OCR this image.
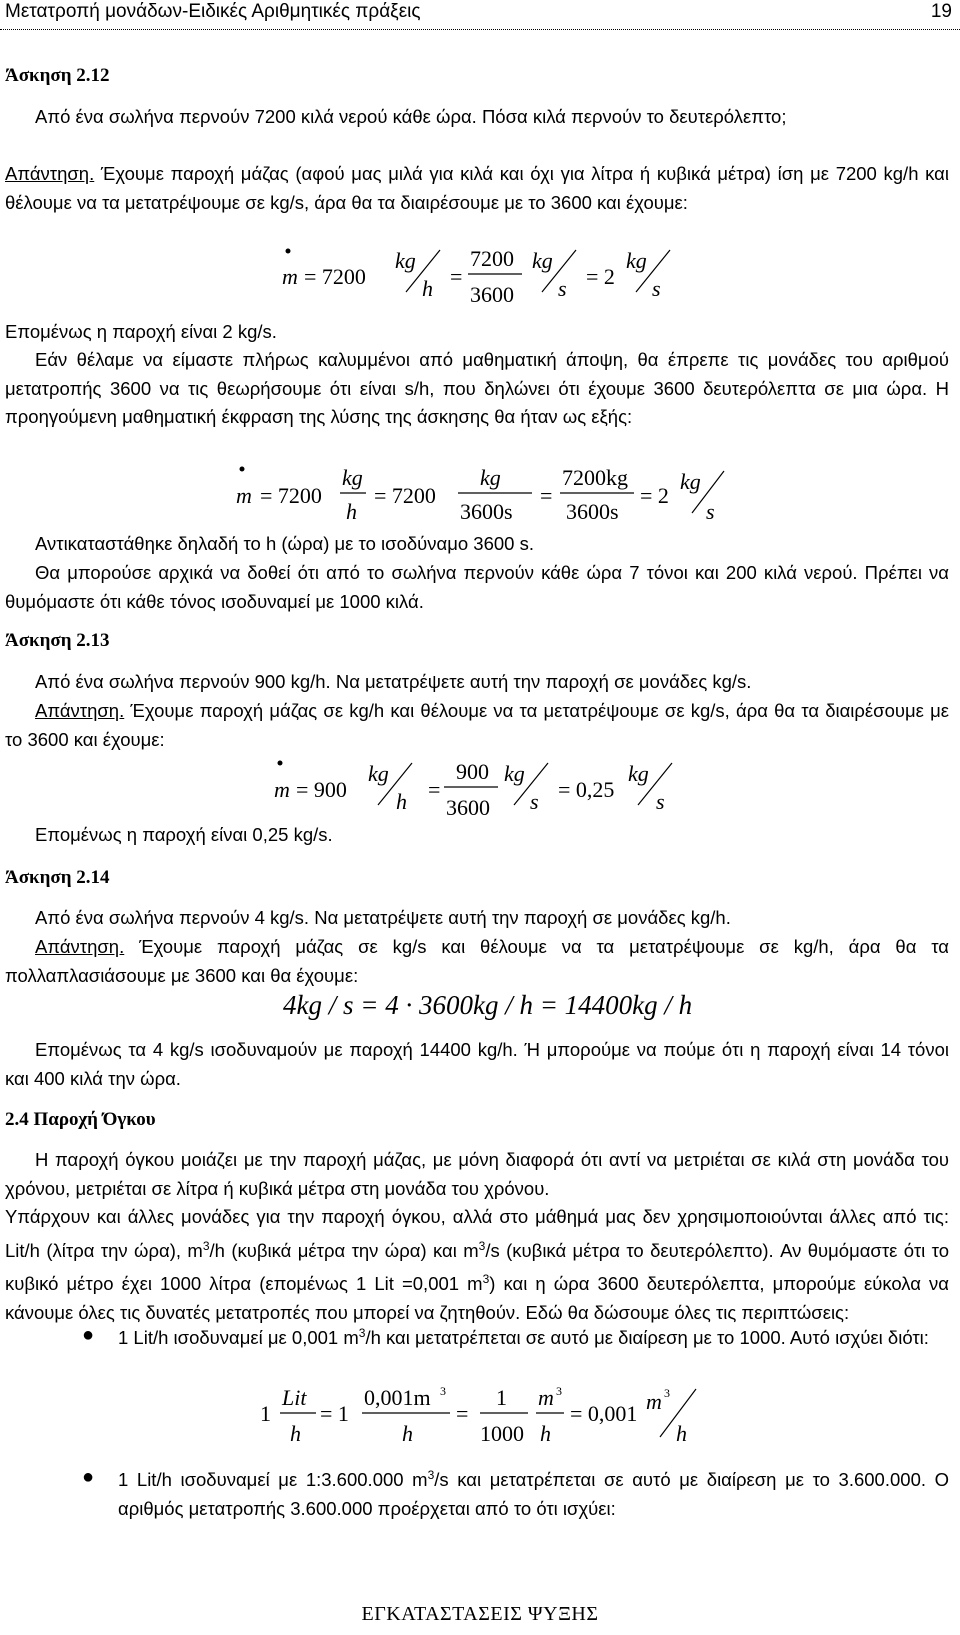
Μετατροπή μονάδων-Ειδικές Αριθμητικές πράξεις	19
Άσκηση 2.12
Από ένα σωλήνα περνούν 7200 κιλά νερού κάθε ώρα. Πόσα κιλά περνούν το δευτερόλεπτο;
Απάντηση. Έχουμε παροχή μάζας (αφού μας μιλά για κιλά και όχι για λίτρα ή κυβικά μέτρα) ίση με 7200 kg/h και θέλουμε να τα μετατρέψουμε σε kg/s, άρα θα τα διαιρέσουμε με το 3600 και έχουμε:
m = 7200
kg
h =
7200
3600
kg
s = 2
kg
s
Επομένως η παροχή είναι 2 kg/s.
Εάν θέλαμε να είμαστε πλήρως καλυμμένοι από μαθηματική άποψη, θα έπρεπε τις μονάδες του αριθμού μετατροπής 3600 να τις θεωρήσουμε ότι είναι s/h, που δηλώνει ότι έχουμε 3600 δευτερόλεπτα σε μια ώρα. Η προηγούμενη μαθηματική έκφραση της λύσης της άσκησης θα ήταν ως εξής:
m = 7200
kg
h
= 7200
kg
3600s
=
7200kg
3600s
= 2
kg
s
Αντικαταστάθηκε δηλαδή το h (ώρα) με το ισοδύναμο 3600 s.
Θα μπορούσε αρχικά να δοθεί ότι από το σωλήνα περνούν κάθε ώρα 7 τόνοι και 200 κιλά νερού. Πρέπει να θυμόμαστε ότι κάθε τόνος ισοδυναμεί με 1000 κιλά.
Άσκηση 2.13
Από ένα σωλήνα περνούν 900 kg/h. Να μετατρέψετε αυτή την παροχή σε μονάδες kg/s.
Απάντηση. Έχουμε παροχή μάζας σε kg/h και θέλουμε να τα μετατρέψουμε σε kg/s, άρα θα τα διαιρέσουμε με το 3600 και έχουμε:
m = 900
kg
h =
900
3600
kg
s = 0,25
kg
s
Επομένως η παροχή είναι 0,25 kg/s.
Άσκηση 2.14
Από ένα σωλήνα περνούν 4 kg/s. Να μετατρέψετε αυτή την παροχή σε μονάδες kg/h.
Απάντηση. Έχουμε παροχή μάζας σε kg/s και θέλουμε να τα μετατρέψουμε σε kg/h, άρα θα τα πολλαπλασιάσουμε με 3600 και θα έχουμε:
4kg / s = 4 · 3600kg / h = 14400kg / h
Επομένως τα 4 kg/s ισοδυναμούν με παροχή 14400 kg/h. Ή μπορούμε να πούμε ότι η παροχή είναι 14 τόνοι και 400 κιλά την ώρα.
2.4 Παροχή Όγκου
Η παροχή όγκου μοιάζει με την παροχή μάζας, με μόνη διαφορά ότι αντί να μετριέται σε κιλά στη μονάδα του χρόνου, μετριέται σε λίτρα ή κυβικά μέτρα στη μονάδα του χρόνου.
Υπάρχουν και άλλες μονάδες για την παροχή όγκου, αλλά στο μάθημά μας δεν χρησιμοποιούνται άλλες από τις: Lit/h (λίτρα την ώρα), $m^3/h$ (κυβικά μέτρα την ώρα) και $m^3/s$ (κυβικά μέτρα το δευτερόλεπτο). Αν θυμόμαστε ότι το κυβικό μέτρο έχει 1000 λίτρα (επομένως 1 Lit =0,001 $m^3$) και η ώρα 3600 δευτερόλεπτα, μπορούμε εύκολα να κάνουμε όλες τις δυνατές μετατροπές που μπορεί να ζητηθούν. Εδώ θα δώσουμε όλες τις περιπτώσεις:
● 1 Lit/h ισοδυναμεί με 0,001 $m^3/h$ και μετατρέπεται σε αυτό με διαίρεση με το 1000. Αυτό ισχύει διότι:
1
Lit
h
= 1
0,001m 3
h
=
1
1000
m 3
h
= 0,001 m 3
h
● 1 Lit/h ισοδυναμεί με 1:3.600.000 $m^3/s$ και μετατρέπεται σε αυτό με διαίρεση με το 3.600.000. Ο αριθμός μετατροπής 3.600.000 προέρχεται από το ότι ισχύει:
ΕΓΚΑΤΑΣΤΑΣΕΙΣ ΨΥΞΗΣ
